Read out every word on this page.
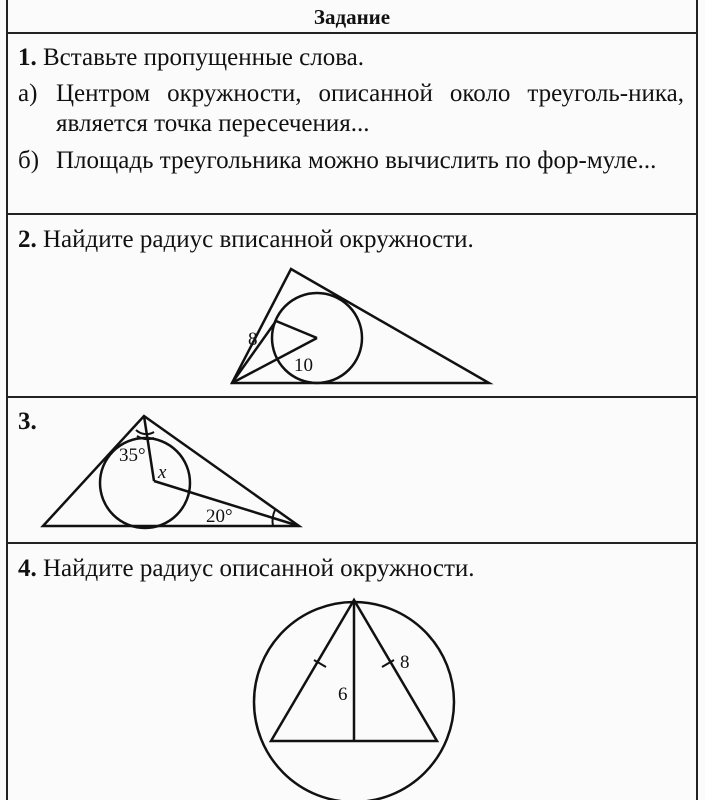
Задание
1. Вставьте пропущенные слова.
а) Центром окружности, описанной около треуголь-ника, является точка пересечения...
б) Площадь треугольника можно вычислить по фор-муле...
2. Найдите радиус вписанной окружности.
8
10
3.
35°
x
20°
4. Найдите радиус описанной окружности.
6
8
